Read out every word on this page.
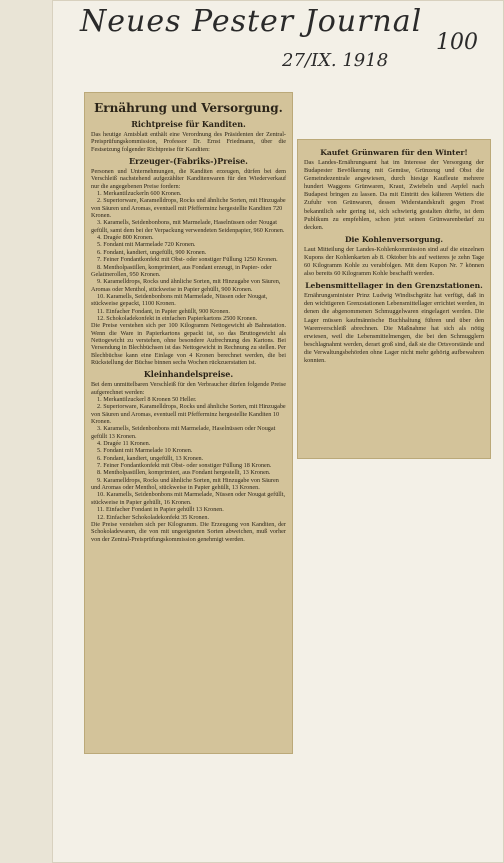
Neues Pester Journal
100
27/IX. 1918
Ernährung und Versorgung.
Richtpreise für Kanditen.

Das heutige Amtsblatt enthält eine Verordnung des Präsidenten der Zentral-Preisprüfungskommission, Professor Dr. Ernst Friedmann, über die Festsetzung folgender Richtpreise für Kanditen:

Erzeuger-(Fabriks-)Preise.

Personen und Unternehmungen, die Kanditen erzeugen, dürfen bei dem Verschleiß nachstehend aufgezählter Kanditenwaren für den Wiederverkauf nur die angegebenen Preise fordern:

1. Merkantilzuckerln 600 Kronen.

2. Superiorware, Karamelldrops, Rocks und ähnliche Sorten, mit Hinzugabe von Säuren und Aromas, eventuell mit Pfefferminz hergestellte Kanditen 720 Kronen.

3. Karamells, Seidenbonbons, mit Marmelade, Haselnüssen oder Nougat gefüllt, samt dem bei der Verpackung verwendeten Seidenpapier, 960 Kronen.

4. Dragée 800 Kronen.

5. Fondant mit Marmelade 720 Kronen.

6. Fondant, kandiert, ungefüllt, 900 Kronen.

7. Feiner Fondantkonfekt mit Obst- oder sonstiger Füllung 1250 Kronen.

8. Mentholpastillen, komprimiert, aus Fondant erzeugt, in Papier- oder Gelatinerollen, 950 Kronen.

9. Karamelldrops, Rocks und ähnliche Sorten, mit Hinzugabe von Säuren, Aromas oder Menthol, stückweise in Papier gehüllt, 900 Kronen.

10. Karamells, Seidenbonbons mit Marmelade, Nüssen oder Nougat, stückweise gepackt, 1100 Kronen.

11. Einfacher Fondant, in Papier gehüllt, 900 Kronen.

12. Schokoladekonfekt in einfachen Papierkartons 2500 Kronen.

Die Preise verstehen sich per 100 Kilogramm Nettogewicht ab Bahnstation. Wenn die Ware in Papierkartons gepackt ist, so das Bruttogewicht als Nettogewicht zu verstehen, ohne besondere Aufrechnung des Kartons. Bei Versendung in Blechbüchsen ist das Nettogewicht in Rechnung zu stellen. Per Blechbüchse kann eine Einlage von 4 Kronen berechnet werden, die bei Rückstellung der Büchse binnen sechs Wochen rückzuerstatten ist.

Kleinhandelspreise.

Bei dem unmittelbaren Verschleiß für den Verbraucher dürfen folgende Preise aufgerechnet werden:

1. Merkantilzuckerl 8 Kronen 50 Heller.

2. Superiorware, Karamelldrops, Rocks und ähnliche Sorten, mit Hinzugabe von Säuren und Aromas, eventuell mit Pfefferminz hergestellte Kanditen 10 Kronen.

3. Karamells, Seidenbonbons mit Marmelade, Haselnüssen oder Nougat gefüllt 13 Kronen.

4. Dragée 11 Kronen.

5. Fondant mit Marmelade 10 Kronen.

6. Fondant, kandiert, ungefüllt, 13 Kronen.

7. Feiner Fondantkonfekt mit Obst- oder sonstiger Füllung 18 Kronen.

8. Mentholpastillen, komprimiert, aus Fondant hergestellt, 13 Kronen.

9. Karamelldrops, Rocks und ähnliche Sorten, mit Hinzugabe von Säuren und Aromas oder Menthol, stückweise in Papier gehüllt, 13 Kronen.

10. Karamells, Seidenbonbons mit Marmelade, Nüssen oder Nougat gefüllt, stückweise in Papier gehüllt, 16 Kronen.

11. Einfacher Fondant in Papier gehüllt 13 Kronen.

12. Einfacher Schokoladekonfekt 35 Kronen.

Die Preise verstehen sich per Kilogramm. Die Erzeugung von Kanditen, der Schokoladewaren, die von mit ungeeigneten Sorten abweichen, muß vorher von der Zentral-Preisprüfungskommission genehmigt werden.

Kaufet Grünwaren für den Winter!

Das Landes-Ernährungsamt hat im Interesse der Versorgung der Budapester Bevölkerung mit Gemüse, Grünzeug und Obst die Gemeindezentrale angewiesen, durch hiesige Kaufleute mehrere hundert Waggons Grünwaren, Kraut, Zwiebeln und Aepfel nach Budapest bringen zu lassen. Da mit Eintritt des kälteren Wetters die Zufuhr von Grünwaren, dessen Widerstandskraft gegen Frost bekanntlich sehr gering ist, sich schwierig gestalten dürfte, ist dem Publikum zu empfehlen, schon jetzt seinen Grünwarenbedarf zu decken.

Die Kohlenversorgung.

Laut Mitteilung der Landes-Kohlenkommission sind auf die einzelnen Kupons der Kohlenkarten ab 8. Oktober bis auf weiteres je zehn Tage 60 Kilogramm Kohle zu verabfolgen. Mit dem Kupon Nr. 7 können also bereits 60 Kilogramm Kohle beschafft werden.

Lebensmittellager in den Grenzstationen.

Ernährungsminister Prinz Ludwig Windischgrätz hat verfügt, daß in den wichtigeren Grenzstationen Lebensmittellager errichtet werden, in denen die abgenommenen Schmuggelwaren eingelagert werden. Die Lager müssen kaufmännische Buchhaltung führen und über den Warenverschleiß abrechnen. Die Maßnahme hat sich als nötig erwiesen, weil die Lebensmittelmengen, die bei den Schmugglern beschlagnahmt werden, derart groß sind, daß sie die Ortsvorstände und die Verwaltungsbehörden ohne Lager nicht mehr gehörig aufbewahren konnten.
